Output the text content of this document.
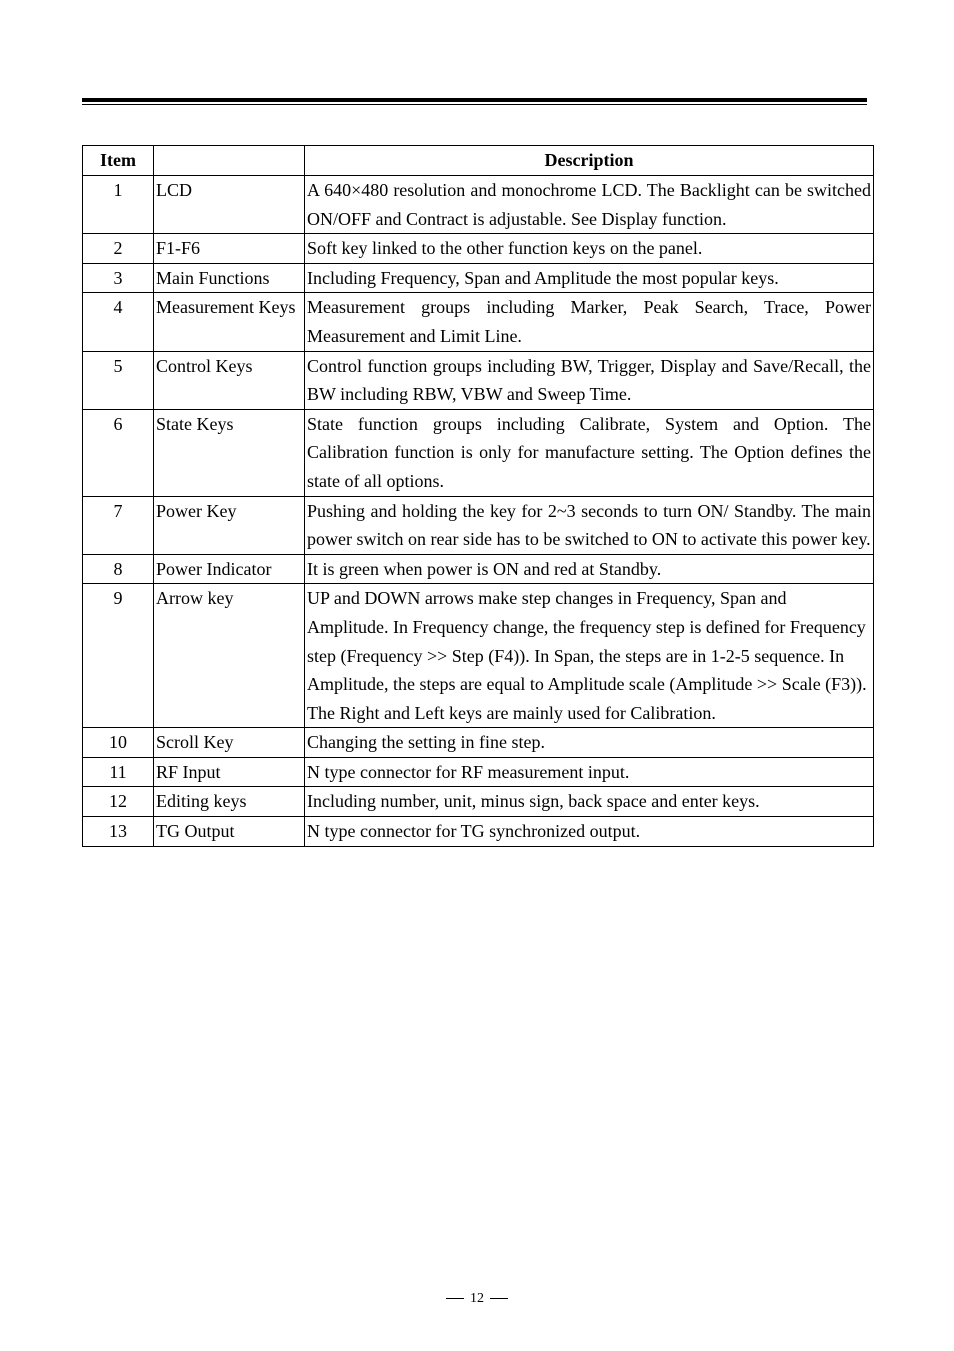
Item		Description
1	LCD	A 640×480 resolution and monochrome LCD. The Backlight can be switched ON/OFF and Contract is adjustable. See Display function.
2	F1-F6	Soft key linked to the other function keys on the panel.
3	Main Functions	Including Frequency, Span and Amplitude the most popular keys.
4	Measurement Keys	Measurement groups including Marker, Peak Search, Trace, Power Measurement and Limit Line.
5	Control Keys	Control function groups including BW, Trigger, Display and Save/Recall, the BW including RBW, VBW and Sweep Time.
6	State Keys	State function groups including Calibrate, System and Option. The Calibration function is only for manufacture setting. The Option defines the state of all options.
7	Power Key	Pushing and holding the key for 2~3 seconds to turn ON/ Standby. The main power switch on rear side has to be switched to ON to activate this power key.
8	Power Indicator	It is green when power is ON and red at Standby.
9	Arrow key	UP and DOWN arrows make step changes in Frequency, Span and Amplitude. In Frequency change, the frequency step is defined for Frequency step (Frequency >> Step (F4)). In Span, the steps are in 1-2-5 sequence. In Amplitude, the steps are equal to Amplitude scale (Amplitude >> Scale (F3)). The Right and Left keys are mainly used for Calibration.
10	Scroll Key	Changing the setting in fine step.
11	RF Input	N type connector for RF measurement input.
12	Editing keys	Including number, unit, minus sign, back space and enter keys.
13	TG Output	N type connector for TG synchronized output.
12
